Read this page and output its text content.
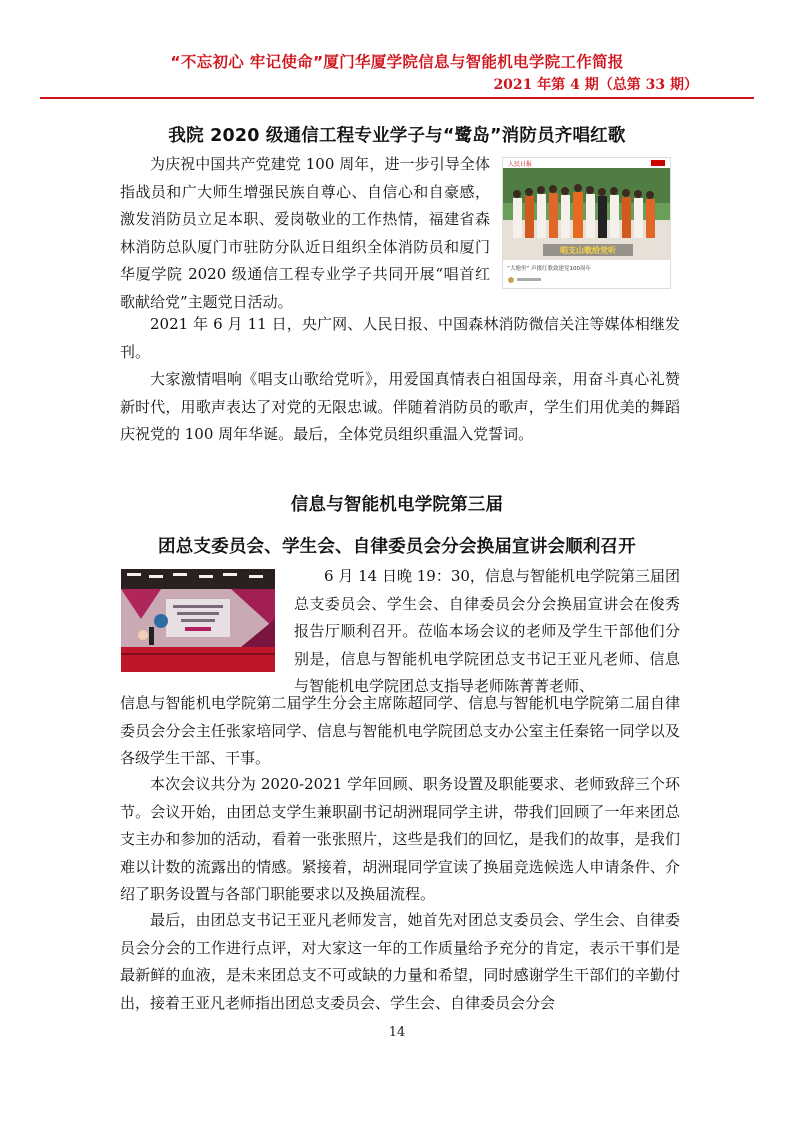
“不忘初心 牢记使命”厦门华厦学院信息与智能机电学院工作简报
2021 年第 4 期（总第 33 期）
我院 2020 级通信工程专业学子与“鹭岛”消防员齐唱红歌

为庆祝中国共产党建党 100 周年，进一步引导全体指战员和广大师生增强民族自尊心、自信心和自豪感，激发消防员立足本职、爱岗敬业的工作热情，福建省森林消防总队厦门市驻防分队近日组织全体消防员和厦门华厦学院 2020 级通信工程专业学子共同开展“唱首红歌献给党”主题党日活动。

人民日报
唱支山歌给党听
“大地里” 声援红歌致建党100周年

2021 年 6 月 11 日，央广网、人民日报、中国森林消防微信关注等媒体相继发刊。

大家激情唱响《唱支山歌给党听》，用爱国真情表白祖国母亲，用奋斗真心礼赞新时代，用歌声表达了对党的无限忠诚。伴随着消防员的歌声，学生们用优美的舞蹈庆祝党的 100 周年华诞。最后，全体党员组织重温入党誓词。

信息与智能机电学院第三届
团总支委员会、学生会、自律委员会分会换届宣讲会顺利召开

6 月 14 日晚 19：30，信息与智能机电学院第三届团总支委员会、学生会、自律委员会分会换届宣讲会在俊秀报告厅顺利召开。莅临本场会议的老师及学生干部他们分别是，信息与智能机电学院团总支书记王亚凡老师、信息与智能机电学院团总支指导老师陈菁菁老师、

信息与智能机电学院第二届学生分会主席陈超同学、信息与智能机电学院第二届自律委员会分会主任张家培同学、信息与智能机电学院团总支办公室主任秦铭一同学以及各级学生干部、干事。

本次会议共分为 2020-2021 学年回顾、职务设置及职能要求、老师致辞三个环节。会议开始，由团总支学生兼职副书记胡洲琨同学主讲，带我们回顾了一年来团总支主办和参加的活动，看着一张张照片，这些是我们的回忆，是我们的故事，是我们难以计数的流露出的情感。紧接着，胡洲琨同学宣读了换届竞选候选人申请条件、介绍了职务设置与各部门职能要求以及换届流程。

最后，由团总支书记王亚凡老师发言，她首先对团总支委员会、学生会、自律委员会分会的工作进行点评，对大家这一年的工作质量给予充分的肯定，表示干事们是最新鲜的血液，是未来团总支不可或缺的力量和希望，同时感谢学生干部们的辛勤付出，接着王亚凡老师指出团总支委员会、学生会、自律委员会分会

14
